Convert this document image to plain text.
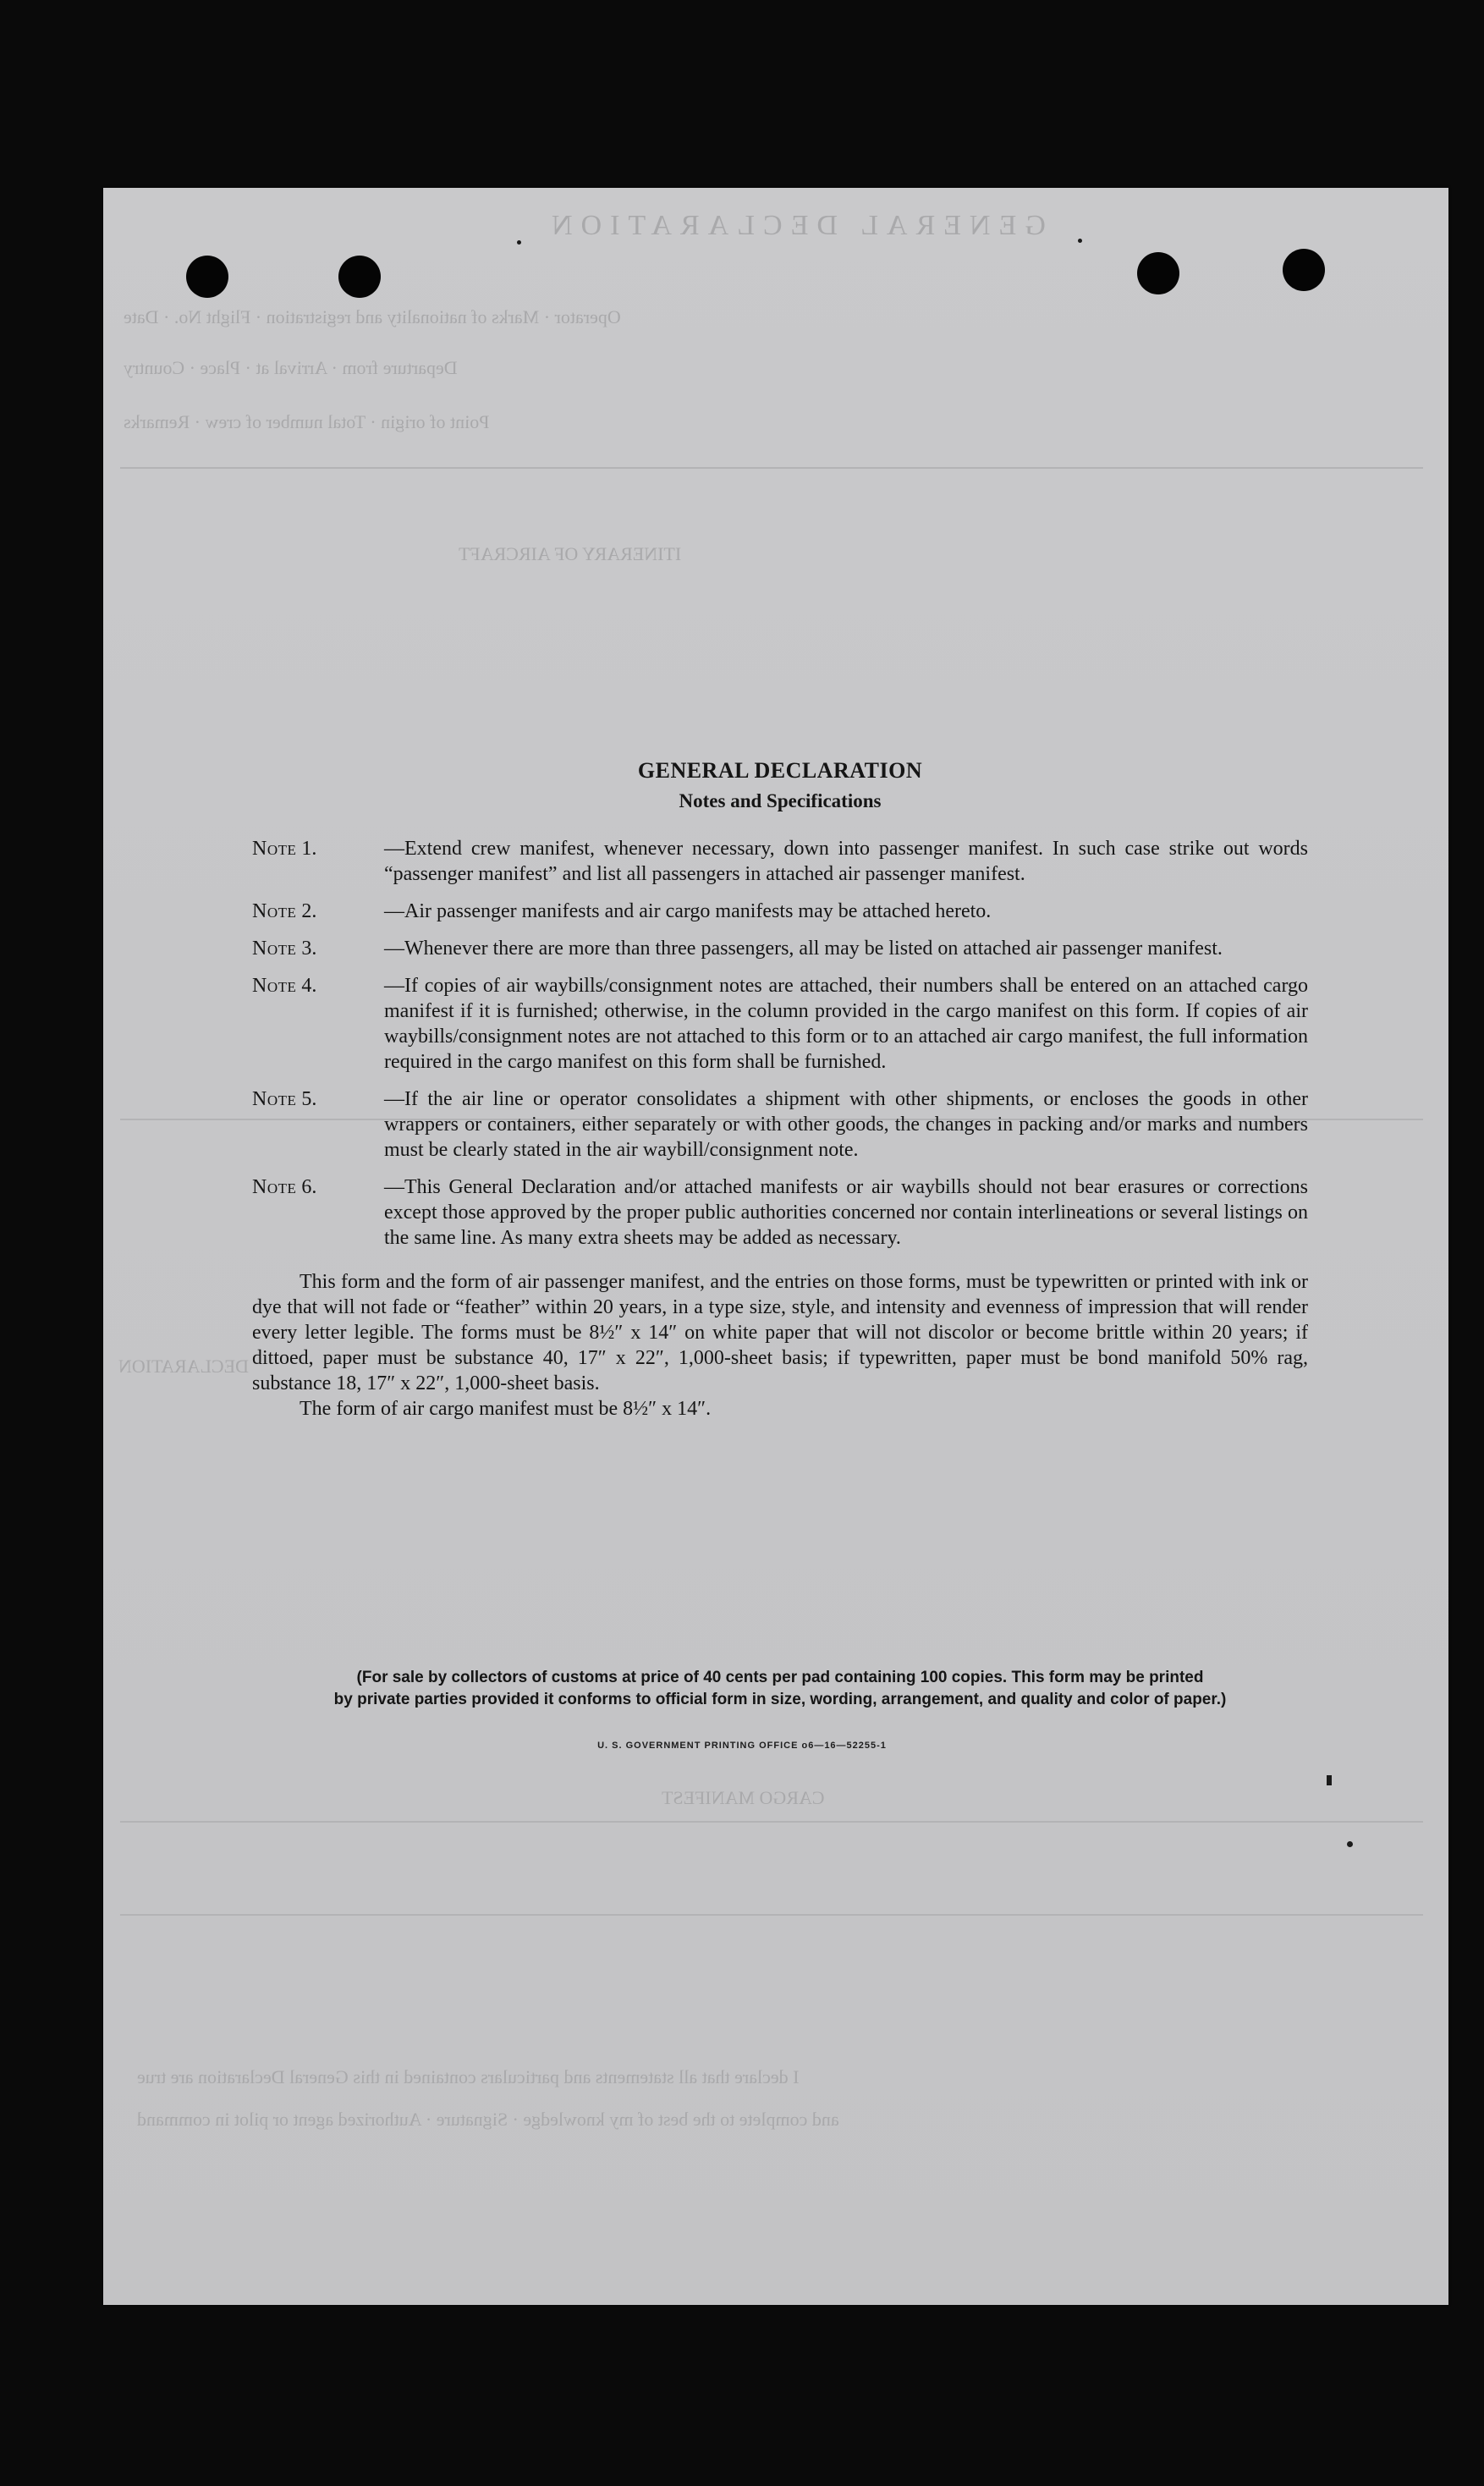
GENERAL DECLARATION
Operator · Marks of nationality and registration · Flight No. · Date
Departure from · Arrival at · Place · Country
Point of origin · Total number of crew · Remarks
ITINERARY OF AIRCRAFT
DECLARATION
CARGO MANIFEST
I declare that all statements and particulars contained in this General Declaration are true
and complete to the best of my knowledge · Signature · Authorized agent or pilot in command
GENERAL DECLARATION
Notes and Specifications
Note 1.	—Extend crew manifest, whenever necessary, down into passenger manifest. In such case strike out words “passenger manifest” and list all passengers in attached air passenger manifest.
Note 2.	—Air passenger manifests and air cargo manifests may be attached hereto.
Note 3.	—Whenever there are more than three passengers, all may be listed on attached air passenger manifest.
Note 4.	—If copies of air waybills/consignment notes are attached, their numbers shall be entered on an attached cargo manifest if it is furnished; otherwise, in the column provided in the cargo manifest on this form. If copies of air waybills/consignment notes are not attached to this form or to an attached air cargo manifest, the full information required in the cargo manifest on this form shall be furnished.
Note 5.	—If the air line or operator consolidates a shipment with other shipments, or encloses the goods in other wrappers or containers, either separately or with other goods, the changes in packing and/or marks and numbers must be clearly stated in the air waybill/consignment note.
Note 6.	—This General Declaration and/or attached manifests or air waybills should not bear erasures or corrections except those approved by the proper public authorities concerned nor contain interlineations or several listings on the same line. As many extra sheets may be added as necessary.
This form and the form of air passenger manifest, and the entries on those forms, must be typewritten or printed with ink or dye that will not fade or “feather” within 20 years, in a type size, style, and intensity and evenness of impression that will render every letter legible. The forms must be 8½″ x 14″ on white paper that will not discolor or become brittle within 20 years; if dittoed, paper must be substance 40, 17″ x 22″, 1,000-sheet basis; if typewritten, paper must be bond manifold 50% rag, substance 18, 17″ x 22″, 1,000-sheet basis.
The form of air cargo manifest must be 8½″ x 14″.
(For sale by collectors of customs at price of 40 cents per pad containing 100 copies. This form may be printed
by private parties provided it conforms to official form in size, wording, arrangement, and quality and color of paper.)
U. S. GOVERNMENT PRINTING OFFICE o6—16—52255-1
